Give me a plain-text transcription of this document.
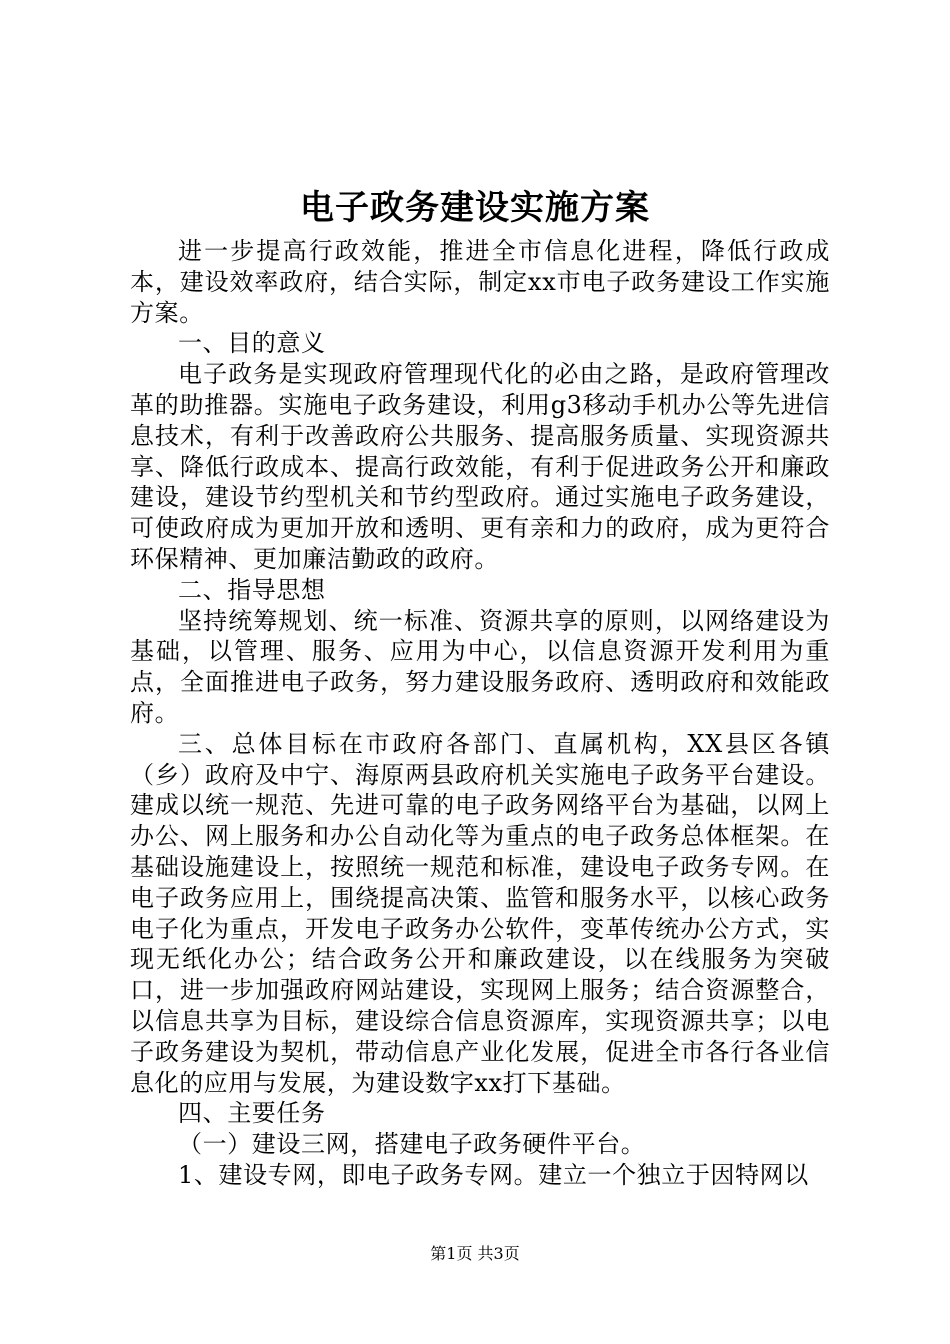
电子政务建设实施方案

进一步提高行政效能，推进全市信息化进程，降低行政成本，建设效率政府，结合实际，制定xx市电子政务建设工作实施方案。

一、目的意义

电子政务是实现政府管理现代化的必由之路，是政府管理改革的助推器。实施电子政务建设，利用g3移动手机办公等先进信息技术，有利于改善政府公共服务、提高服务质量、实现资源共享、降低行政成本、提高行政效能，有利于促进政务公开和廉政建设，建设节约型机关和节约型政府。通过实施电子政务建设，可使政府成为更加开放和透明、更有亲和力的政府，成为更符合环保精神、更加廉洁勤政的政府。

二、指导思想

坚持统筹规划、统一标准、资源共享的原则，以网络建设为基础，以管理、服务、应用为中心，以信息资源开发利用为重点，全面推进电子政务，努力建设服务政府、透明政府和效能政府。

三、总体目标在市政府各部门、直属机构，XX县区各镇（乡）政府及中宁、海原两县政府机关实施电子政务平台建设。建成以统一规范、先进可靠的电子政务网络平台为基础，以网上办公、网上服务和办公自动化等为重点的电子政务总体框架。在基础设施建设上，按照统一规范和标准，建设电子政务专网。在电子政务应用上，围绕提高决策、监管和服务水平，以核心政务电子化为重点，开发电子政务办公软件，变革传统办公方式，实现无纸化办公；结合政务公开和廉政建设，以在线服务为突破口，进一步加强政府网站建设，实现网上服务；结合资源整合，以信息共享为目标，建设综合信息资源库，实现资源共享；以电子政务建设为契机，带动信息产业化发展，促进全市各行各业信息化的应用与发展，为建设数字xx打下基础。

四、主要任务

（一）建设三网，搭建电子政务硬件平台。

1、建设专网，即电子政务专网。建立一个独立于因特网以

第1页 共3页
